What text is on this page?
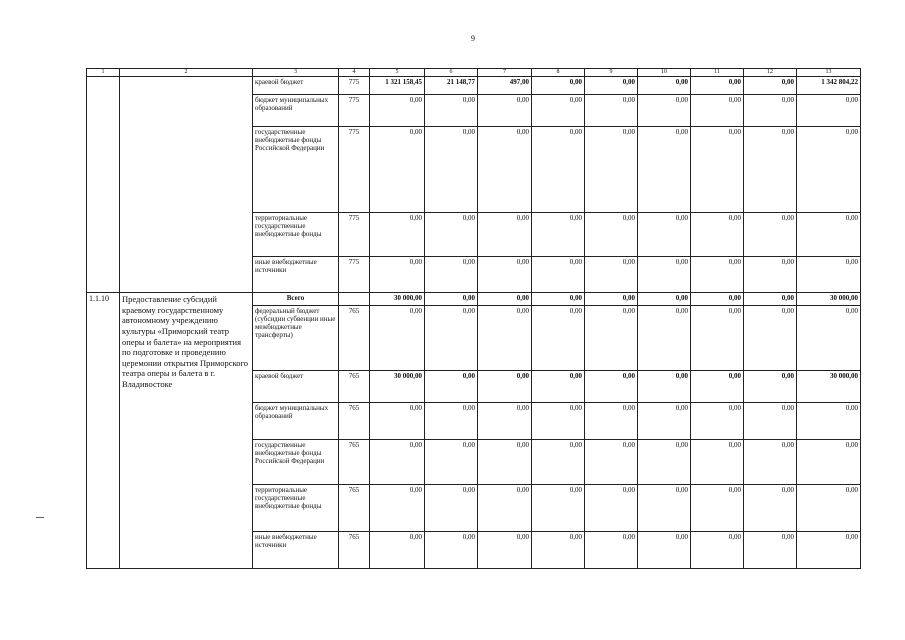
9
1	2	3	4	5	6	7	8	9	10	11	12	13
		краевой бюджет	775	1 321 158,45	21 148,77	497,00	0,00	0,00	0,00	0,00	0,00	1 342 804,22
		бюджет муниципальных образований	775	0,00	0,00	0,00	0,00	0,00	0,00	0,00	0,00	0,00
		государственные внебюджетные фонды Российской Федерации	775	0,00	0,00	0,00	0,00	0,00	0,00	0,00	0,00	0,00
		территориальные государственные внебюджетные фонды	775	0,00	0,00	0,00	0,00	0,00	0,00	0,00	0,00	0,00
		иные внебюджетные источники	775	0,00	0,00	0,00	0,00	0,00	0,00	0,00	0,00	0,00
1.1.10	Предоставление субсидий краевому государственному автономному учреждению культуры «Приморский театр оперы и балета» на мероприятия по подготовке и проведению церемонии открытия Приморского театра оперы и балета в г. Владивостоке	Всего		30 000,00	0,00	0,00	0,00	0,00	0,00	0,00	0,00	30 000,00
		федеральный бюджет (субсидии субвенции иные межбюджетные трансферты)	765	0,00	0,00	0,00	0,00	0,00	0,00	0,00	0,00	0,00
		краевой бюджет	765	30 000,00	0,00	0,00	0,00	0,00	0,00	0,00	0,00	30 000,00
		бюджет муниципальных образований	765	0,00	0,00	0,00	0,00	0,00	0,00	0,00	0,00	0,00
		государственные внебюджетные фонды Российской Федерации	765	0,00	0,00	0,00	0,00	0,00	0,00	0,00	0,00	0,00
		территориальные государственные внебюджетные фонды	765	0,00	0,00	0,00	0,00	0,00	0,00	0,00	0,00	0,00
		иные внебюджетные источники	765	0,00	0,00	0,00	0,00	0,00	0,00	0,00	0,00	0,00
